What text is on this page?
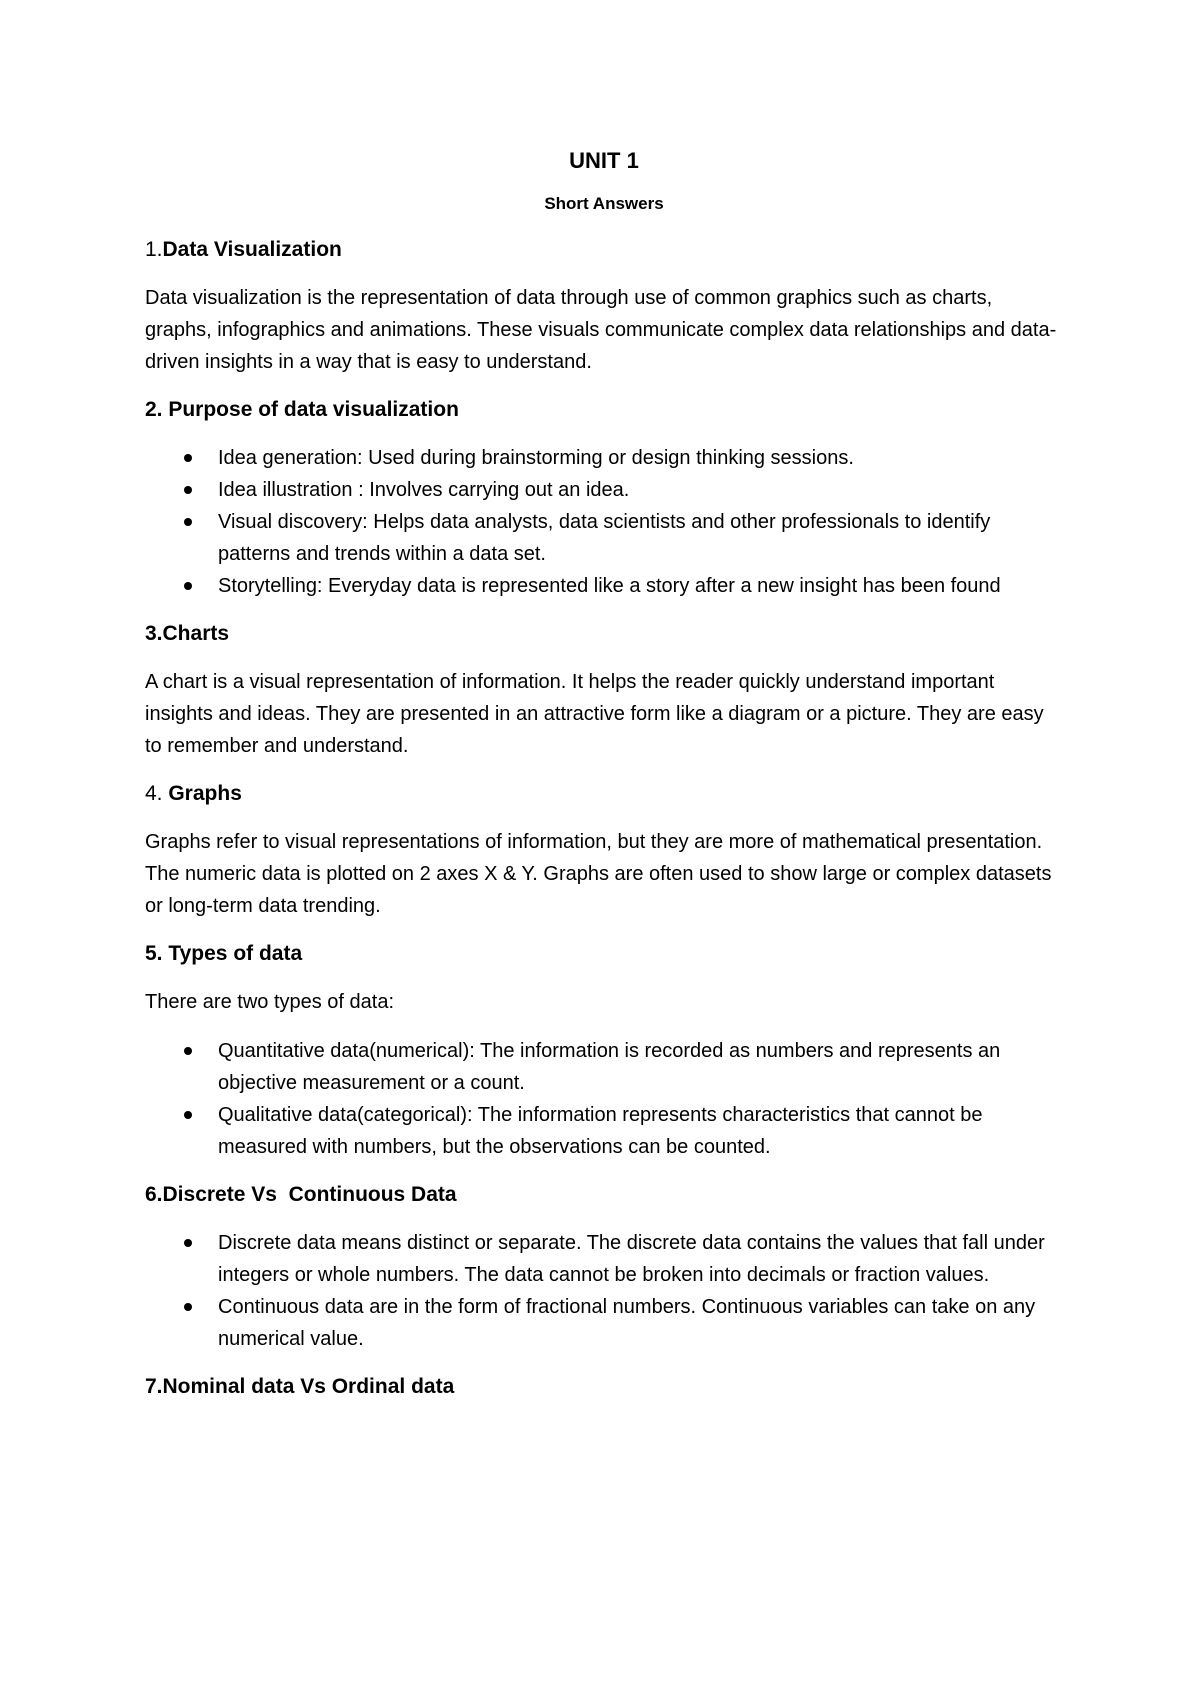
UNIT 1
Short Answers
1.Data Visualization
Data visualization is the representation of data through use of common graphics such as charts, graphs, infographics and animations. These visuals communicate complex data relationships and data-driven insights in a way that is easy to understand.
2. Purpose of data visualization
Idea generation: Used during brainstorming or design thinking sessions.
Idea illustration : Involves carrying out an idea.
Visual discovery: Helps data analysts, data scientists and other professionals to identify patterns and trends within a data set.
Storytelling: Everyday data is represented like a story after a new insight has been found
3.Charts
A chart is a visual representation of information. It helps the reader quickly understand important insights and ideas. They are presented in an attractive form like a diagram or a picture. They are easy to remember and understand.
4. Graphs
Graphs refer to visual representations of information, but they are more of mathematical presentation. The numeric data is plotted on 2 axes X & Y. Graphs are often used to show large or complex datasets or long-term data trending.
5. Types of data
There are two types of data:
Quantitative data(numerical): The information is recorded as numbers and represents an objective measurement or a count.
Qualitative data(categorical): The information represents characteristics that cannot be measured with numbers, but the observations can be counted.
6.Discrete Vs  Continuous Data
Discrete data means distinct or separate. The discrete data contains the values that fall under integers or whole numbers. The data cannot be broken into decimals or fraction values.
Continuous data are in the form of fractional numbers. Continuous variables can take on any numerical value.
7.Nominal data Vs Ordinal data
